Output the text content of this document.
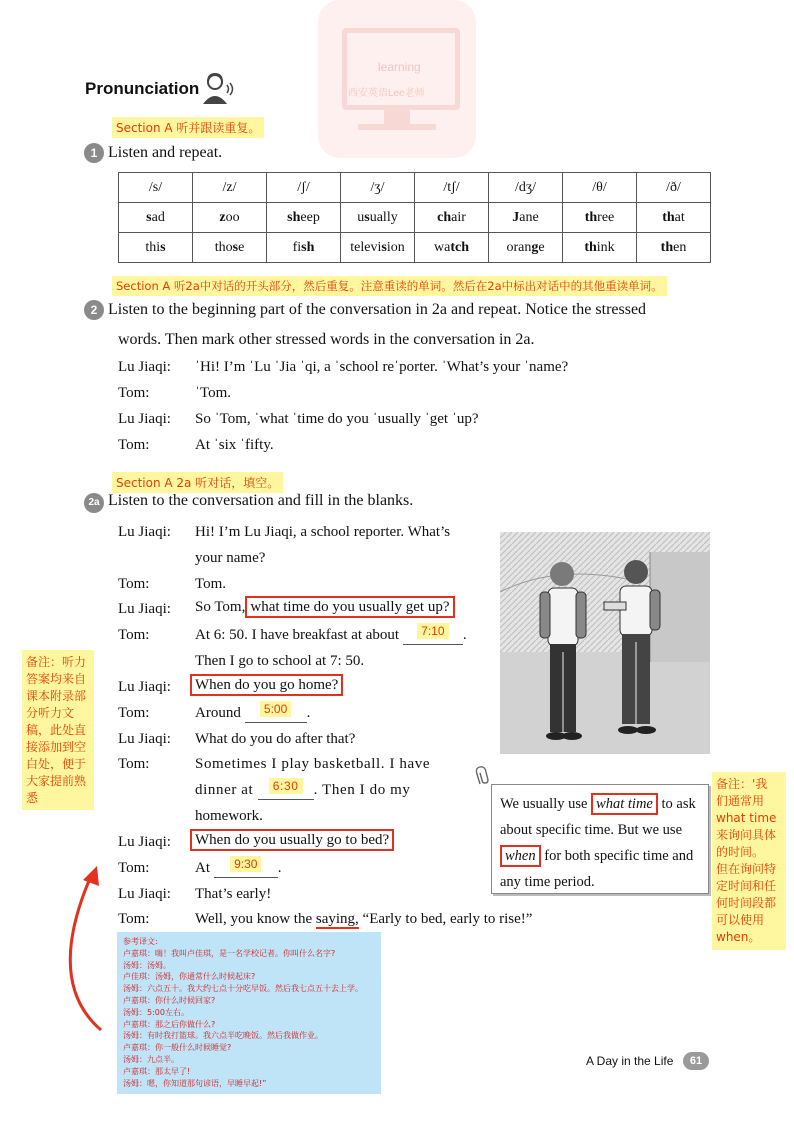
learning
西安英语Lee老师
Pronunciation
Section A 听并跟读重复。
1 Listen and repeat.
/s/	/z/	/ʃ/	/ʒ/	/tʃ/	/dʒ/	/θ/	/ð/
sad	zoo	sheep	usually	chair	Jane	three	that
this	those	fish	television	watch	orange	think	then
Section A 听2a中对话的开头部分，然后重复。注意重读的单词。然后在2a中标出对话中的其他重读单词。
2 Listen to the beginning part of the conversation in 2a and repeat. Notice the stressed
words. Then mark other stressed words in the conversation in 2a.
Lu Jiaqi: ˈHi! I’m ˈLu ˈJia ˈqi, a ˈschool reˈporter. ˈWhat’s your ˈname?
Tom:	ˈTom.
Lu Jiaqi: So ˈTom, ˈwhat ˈtime do you ˈusually ˈget ˈup?
Tom:	At ˈsix ˈfifty.
Section A 2a 听对话，填空。
2a Listen to the conversation and fill in the blanks.
Lu Jiaqi: Hi! I’m Lu Jiaqi, a school reporter. What’s
your name?
Tom:	Tom.
Lu Jiaqi: So Tom, what time do you usually get up?
Tom:	At 6: 50. I have breakfast at about $^{7:10}$ .
Then I go to school at 7: 50.
Lu Jiaqi:	When do you go home?
Tom:	Around $^{5:00}$ .
Lu Jiaqi: What do you do after that?
Tom:	Sometimes I play basketball. I have
dinner at $^{6:30}$ . Then I do my
homework.
Lu Jiaqi:	When do you usually go to bed?
Tom:	At $^{9:30}$ .
Lu Jiaqi: That’s early!
Tom:	Well, you know the saying, “Early to bed, early to rise!”
We usually use what time to ask about specific time. But we use when for both specific time and any time period.
备注：听力
答案均来自
课本附录部
分听力文
稿，此处直
接添加到空
白处，便于
大家提前熟
悉
备注：'我
们通常用
what time
来询问具体
的时间。
但在询问特
定时间和任
何时间段都
可以使用
when。
参考译文:
卢嘉琪：嗨！我叫卢佳琪，是一名学校记者。你叫什么名字?
汤姆：汤姆。
卢佳琪：汤姆，你通常什么时候起床?
汤姆：六点五十。我大约七点十分吃早饭。然后我七点五十去上学。
卢嘉琪：你什么时候回家?
汤姆：5:00左右。
卢嘉琪：那之后你做什么?
汤姆：有时我打篮球。我六点半吃晚饭。然后我做作业。
卢嘉琪：你一般什么时候睡觉?
汤姆：九点半。
卢嘉琪：那太早了!
汤姆：嗯，你知道那句谚语，早睡早起!”
A Day in the Life	61
